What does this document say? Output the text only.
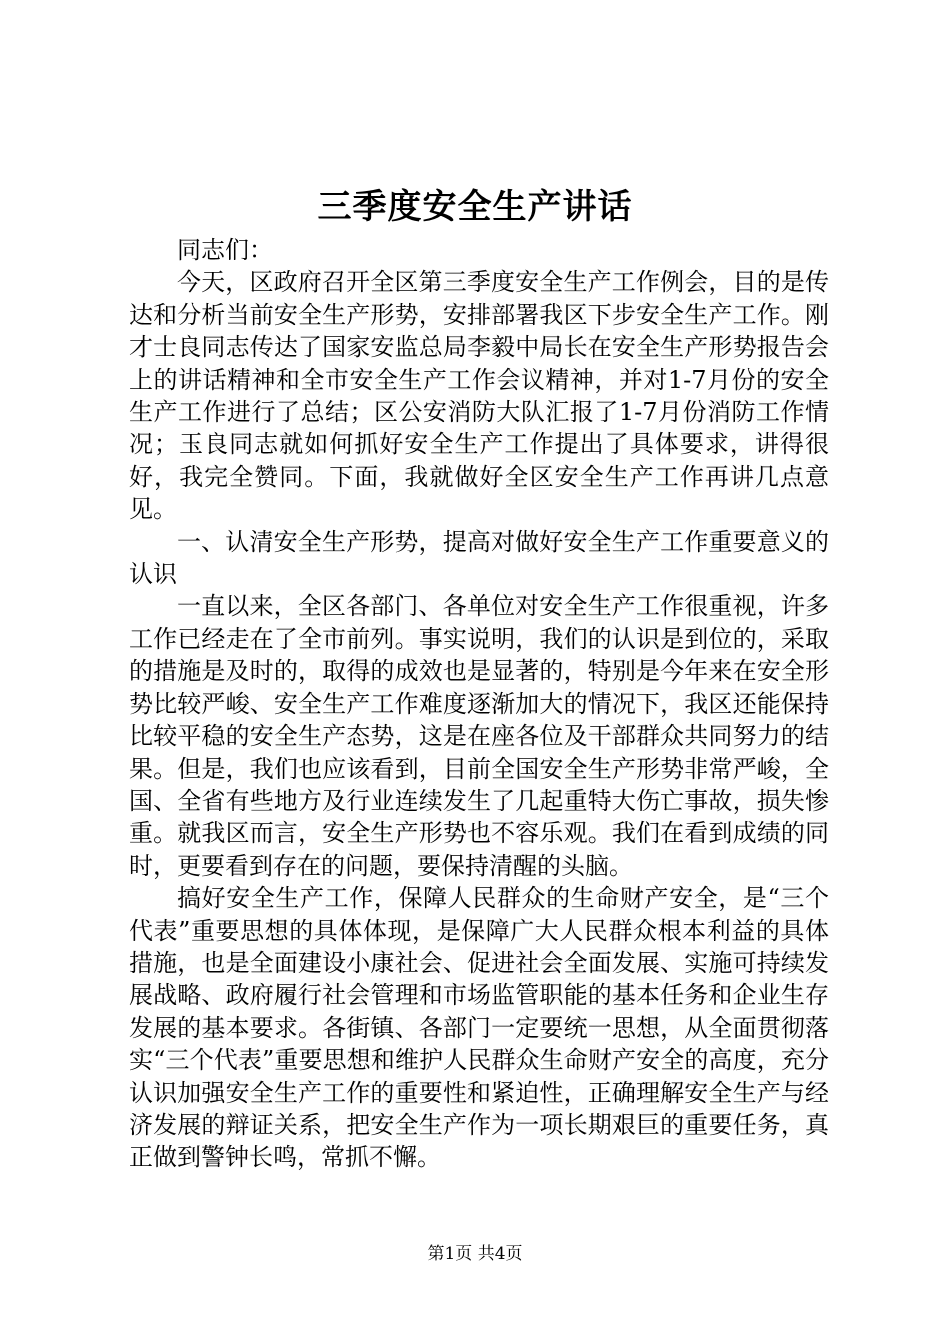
三季度安全生产讲话

同志们：

今天，区政府召开全区第三季度安全生产工作例会，目的是传达和分析当前安全生产形势，安排部署我区下步安全生产工作。刚才士良同志传达了国家安监总局李毅中局长在安全生产形势报告会上的讲话精神和全市安全生产工作会议精神，并对1-7月份的安全生产工作进行了总结；区公安消防大队汇报了1-7月份消防工作情况；玉良同志就如何抓好安全生产工作提出了具体要求，讲得很好，我完全赞同。下面，我就做好全区安全生产工作再讲几点意见。

一、认清安全生产形势，提高对做好安全生产工作重要意义的认识

一直以来，全区各部门、各单位对安全生产工作很重视，许多工作已经走在了全市前列。事实说明，我们的认识是到位的，采取的措施是及时的，取得的成效也是显著的，特别是今年来在安全形势比较严峻、安全生产工作难度逐渐加大的情况下，我区还能保持比较平稳的安全生产态势，这是在座各位及干部群众共同努力的结果。但是，我们也应该看到，目前全国安全生产形势非常严峻，全国、全省有些地方及行业连续发生了几起重特大伤亡事故，损失惨重。就我区而言，安全生产形势也不容乐观。我们在看到成绩的同时，更要看到存在的问题，要保持清醒的头脑。

搞好安全生产工作，保障人民群众的生命财产安全，是“三个代表”重要思想的具体体现，是保障广大人民群众根本利益的具体措施，也是全面建设小康社会、促进社会全面发展、实施可持续发展战略、政府履行社会管理和市场监管职能的基本任务和企业生存发展的基本要求。各街镇、各部门一定要统一思想，从全面贯彻落实“三个代表”重要思想和维护人民群众生命财产安全的高度，充分认识加强安全生产工作的重要性和紧迫性，正确理解安全生产与经济发展的辩证关系，把安全生产作为一项长期艰巨的重要任务，真正做到警钟长鸣，常抓不懈。

第1页 共4页
